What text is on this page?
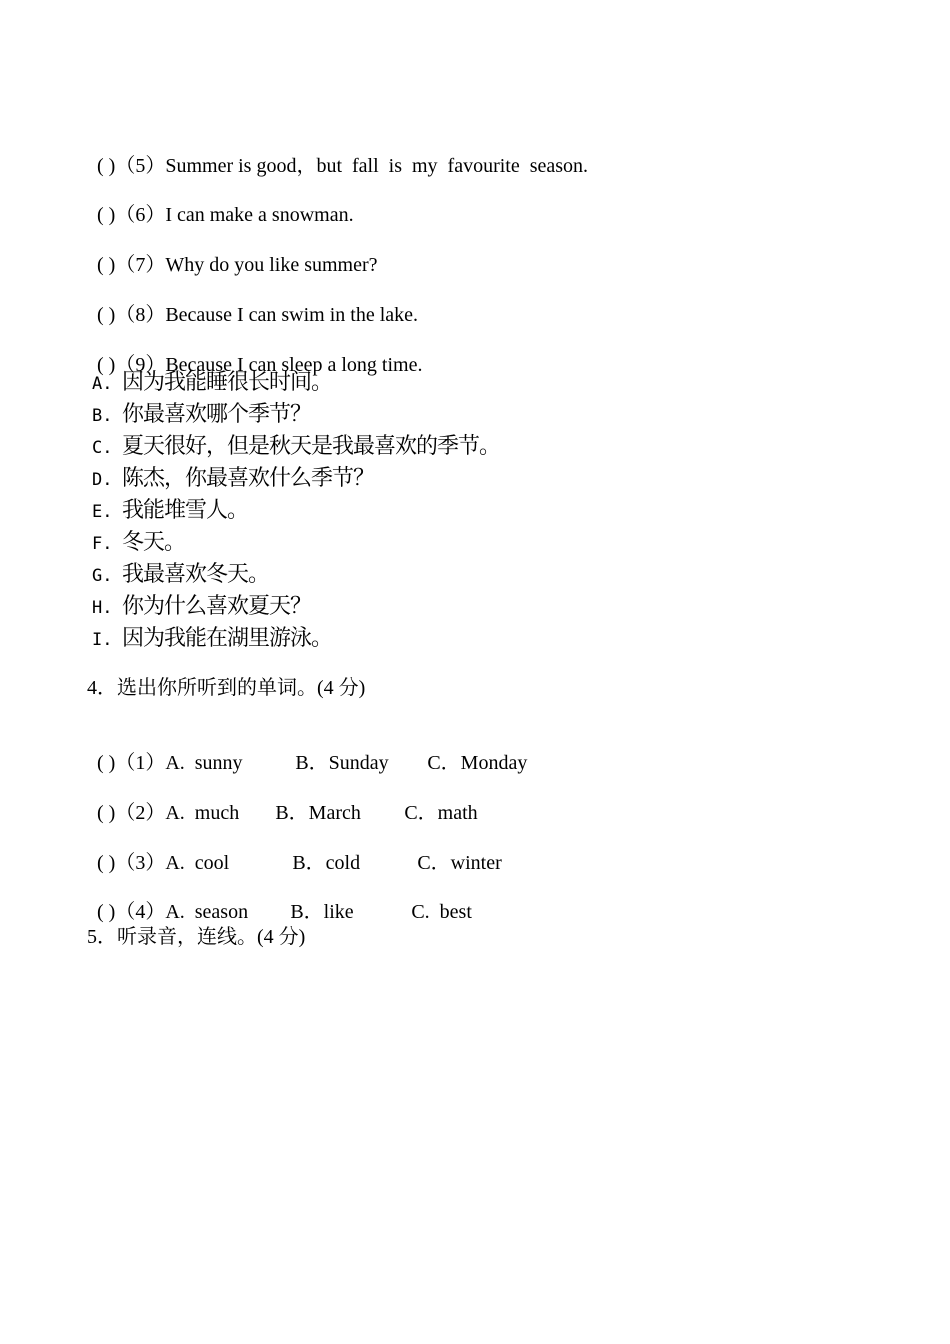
( )（5）Summer is good，but  fall  is  my  favourite  season.

( )（6）I can make a snowman.

( )（7）Why do you like summer?

( )（8）Because I can swim in the lake.

( )（9）Because I can sleep a long time.

A. 因为我能睡很长时间。
B. 你最喜欢哪个季节？
C. 夏天很好，但是秋天是我最喜欢的季节。
D. 陈杰，你最喜欢什么季节？
E. 我能堆雪人。
F. 冬天。
G. 我最喜欢冬天。
H. 你为什么喜欢夏天？
I. 因为我能在湖里游泳。
4．选出你所听到的单词。(4 分)

( )（1）A.  sunny	B．Sunday C．Monday

( )（2）A.  much B．March C．math

( )（3）A.  cool	B．cold	C．winter

( )（4）A.  season B．like	C.  best

5．听录音，连线。(4 分)
